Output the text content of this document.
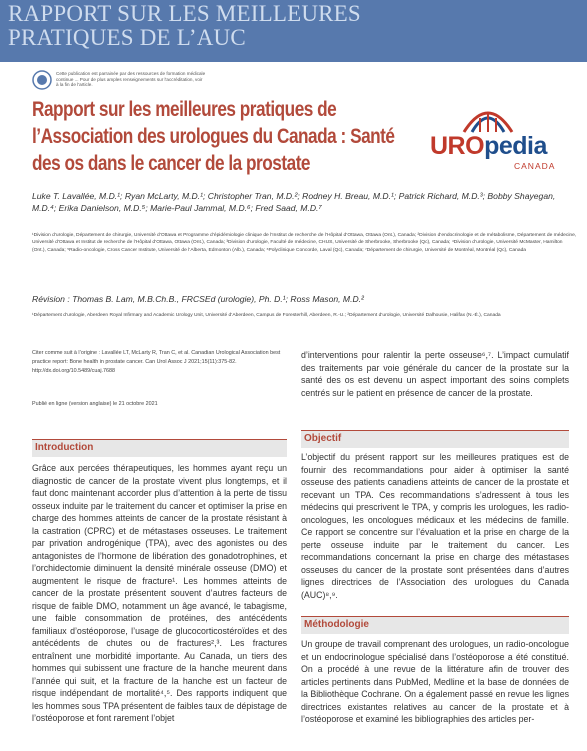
RAPPORT SUR LES MEILLEURES
PRATIQUES DE L’AUC
Cette publication est parrainée par des ressources de formation médicale continue ... Pour de plus amples renseignements sur l'accréditation, voir à la fin de l'article.
Rapport sur les meilleures pratiques de l’Association des urologues du Canada : Santé des os dans le cancer de la prostate
UROpedia
CANADA

Luke T. Lavallée, M.D.¹; Ryan McLarty, M.D.¹; Christopher Tran, M.D.²; Rodney H. Breau, M.D.¹; Patrick Richard, M.D.³; Bobby Shayegan, M.D.⁴; Erika Danielson, M.D.⁵; Marie-Paul Jammal, M.D.⁶; Fred Saad, M.D.⁷

¹Division d’urologie, Département de chirurgie, Université d’Ottawa et Programme d’épidémiologie clinique de l’Institut de recherche de l’Hôpital d’Ottawa, Ottawa (Ont.), Canada; ²Division d’endocrinologie et de métabolisme, Département de médecine, Université d’Ottawa et Institut de recherche de l’Hôpital d’Ottawa, Ottawa (Ont.), Canada; ³Division d’urologie, Faculté de médecine, CHUS, Université de Sherbrooke, Sherbrooke (Qc), Canada; ⁴Division d’urologie, Université McMaster, Hamilton (Ont.), Canada; ⁵Radio-oncologie, Cross Cancer Institute, Université de l’Alberta, Edmonton (Alb.), Canada; ⁶Polyclinique Concorde, Laval (Qc), Canada; ⁷Département de chirurgie, Université de Montréal, Montréal (Qc), Canada

Révision : Thomas B. Lam, M.B.Ch.B., FRCSEd (urologie), Ph. D.¹; Ross Mason, M.D.²

¹Département d’urologie, Aberdeen Royal Infirmary and Academic Urology Unit, Université d’Aberdeen, Campus de Foresterhill, Aberdeen, R.-U.; ²Département d’urologie, Université Dalhousie, Halifax (N.-É.), Canada

Citer comme suit à l’origine : Lavallée LT, McLarty R, Tran C, et al. Canadian Urological Association best practice report: Bone health in prostate cancer. Can Urol Assoc J 2021;15(11):375-82. http://dx.doi.org/10.5489/cuaj.7688

Publié en ligne (version anglaise) le 21 octobre 2021

Introduction

Grâce aux percées thérapeutiques, les hommes ayant reçu un diagnostic de cancer de la prostate vivent plus longtemps, et il faut donc maintenant accorder plus d’attention à la perte de tissu osseux induite par le traitement du cancer et optimiser la prise en charge des hommes atteints de cancer de la prostate résistant à la castration (CPRC) et de métastases osseuses. Le traitement par privation androgénique (TPA), avec des agonistes ou des antagonistes de l’hormone de libération des gonadotrophines, et l’orchidectomie diminuent la densité minérale osseuse (DMO) et augmentent le risque de fracture¹. Les hommes atteints de cancer de la prostate présentent souvent d’autres facteurs de risque de faible DMO, notamment un âge avancé, le tabagisme, une faible consommation de protéines, des antécédents familiaux d’ostéoporose, l’usage de glucocorticostéroïdes et des antécédents de chutes ou de fractures²,³. Les fractures entraînent une morbidité importante. Au Canada, un tiers des hommes qui subissent une fracture de la hanche meurent dans l’année qui suit, et la fracture de la hanche est un facteur de risque indépendant de mortalité⁴,⁵. Des rapports indiquent que les hommes sous TPA présentent de faibles taux de dépistage de l’ostéoporose et font rarement l’objet

d’interventions pour ralentir la perte osseuse⁶,⁷. L’impact cumulatif des traitements par voie générale du cancer de la prostate sur la santé des os est devenu un aspect important des soins complets centrés sur le patient en présence de cancer de la prostate.

Objectif

L’objectif du présent rapport sur les meilleures pratiques est de fournir des recommandations pour aider à optimiser la santé osseuse des patients canadiens atteints de cancer de la prostate et recevant un TPA. Ces recommandations s’adressent à tous les médecins qui prescrivent le TPA, y compris les urologues, les radio-oncologues, les oncologues médicaux et les médecins de famille. Ce rapport se concentre sur l’évaluation et la prise en charge de la perte osseuse induite par le traitement du cancer. Les recommandations concernant la prise en charge des métastases osseuses du cancer de la prostate sont présentées dans d’autres lignes directrices de l’Association des urologues du Canada (AUC)⁸,⁹.

Méthodologie

Un groupe de travail comprenant des urologues, un radio-oncologue et un endocrinologue spécialisé dans l’ostéoporose a été constitué. On a procédé à une revue de la littérature afin de trouver des articles pertinents dans PubMed, Medline et la base de données de la Bibliothèque Cochrane. On a également passé en revue les lignes directrices existantes relatives au cancer de la prostate et à l’ostéoporose et examiné les bibliographies des articles per-
